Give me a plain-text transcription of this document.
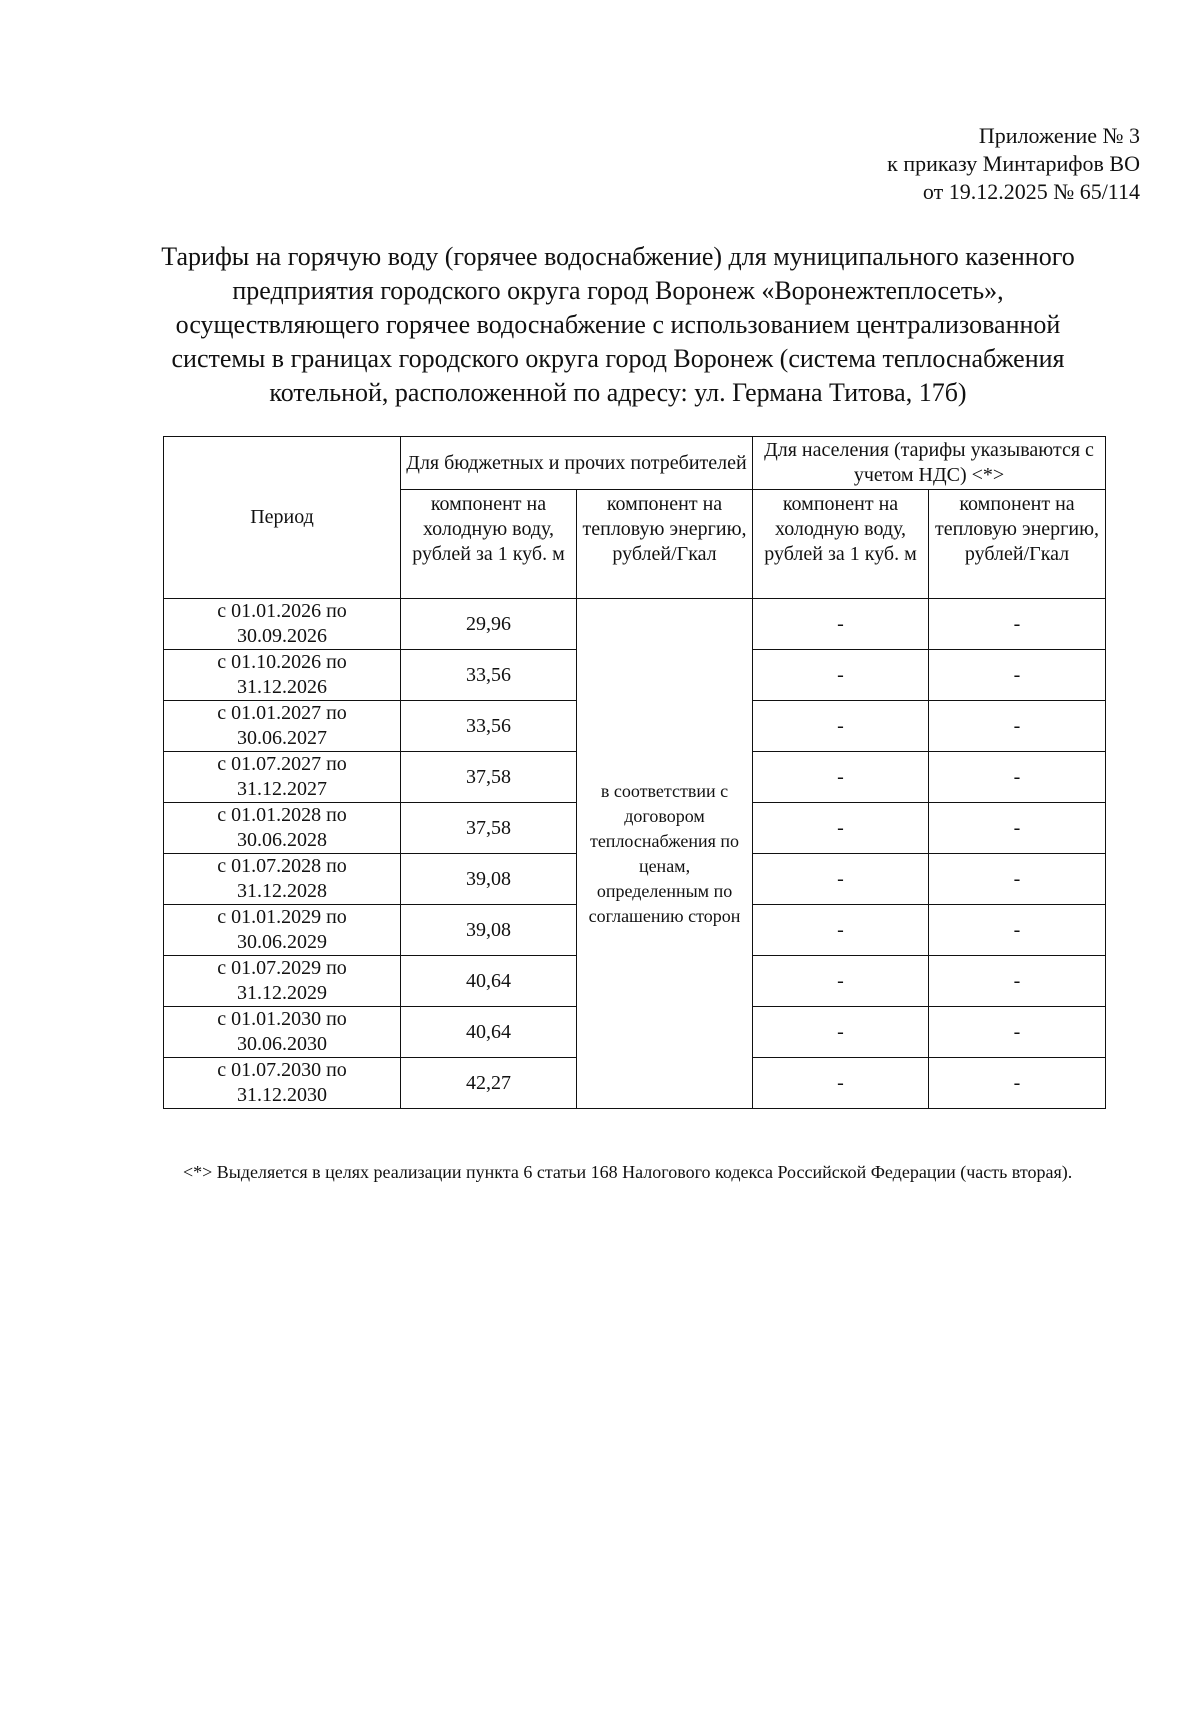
Приложение № 3
к приказу Минтарифов ВО
от 19.12.2025 № 65/114
Тарифы на горячую воду (горячее водоснабжение) для муниципального казенного
предприятия городского округа город Воронеж «Воронежтеплосеть»,
осуществляющего горячее водоснабжение с использованием централизованной
системы в границах городского округа город Воронеж (система теплоснабжения
котельной, расположенной по адресу: ул. Германа Титова, 17б)
Период	Для бюджетных и прочих потребителей		Для населения (тарифы указываются с учетом НДС) <*>	
	компонент на холодную воду, рублей за 1 куб. м	компонент на тепловую энергию, рублей/Гкал	компонент на холодную воду, рублей за 1 куб. м	компонент на тепловую энергию, рублей/Гкал

с 01.01.2026 по
30.09.2026	29,96	в соответствии с договором теплоснабжения по ценам, определенным по соглашению сторон	-	-

с 01.10.2026 по
31.12.2026	33,56		-	-

с 01.01.2027 по
30.06.2027	33,56		-	-

с 01.07.2027 по
31.12.2027	37,58		-	-

с 01.01.2028 по
30.06.2028	37,58		-	-

с 01.07.2028 по
31.12.2028	39,08		-	-

с 01.01.2029 по
30.06.2029	39,08		-	-

с 01.07.2029 по
31.12.2029	40,64		-	-

с 01.01.2030 по
30.06.2030	40,64		-	-

с 01.07.2030 по
31.12.2030	42,27		-	-
<*> Выделяется в целях реализации пункта 6 статьи 168 Налогового кодекса Российской Федерации (часть вторая).
